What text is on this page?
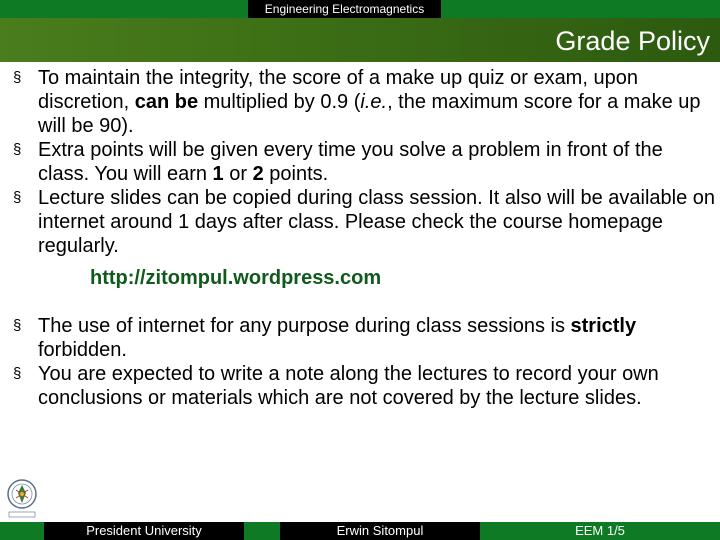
Engineering Electromagnetics
Grade Policy
§ To maintain the integrity, the score of a make up quiz or exam, upon discretion, can be multiplied by 0.9 (i.e., the maximum score for a make up will be 90).
§ Extra points will be given every time you solve a problem in front of the class. You will earn 1 or 2 points.
§ Lecture slides can be copied during class session. It also will be available on internet around 1 days after class. Please check the course homepage regularly.
http://zitompul.wordpress.com
§ The use of internet for any purpose during class sessions is strictly forbidden.
§ You are expected to write a note along the lectures to record your own conclusions or materials which are not covered by the lecture slides.
President University	Erwin Sitompul	EEM 1/5
